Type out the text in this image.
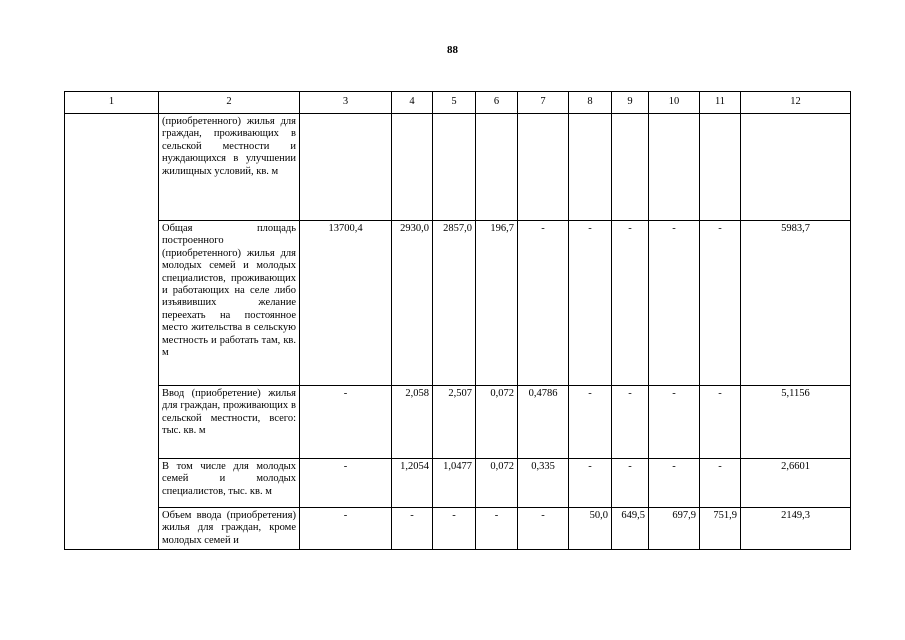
88
1	2	3	4	5	6	7	8	9	10	11	12
	(приобретенного) жилья для граждан, проживающих в сельской местности и нуждающихся в улучшении жилищных условий, кв. м										
	Общая площадь построенного (приобретенного) жилья для молодых семей и молодых специалистов, проживающих и работающих на селе либо изъявивших желание переехать на постоянное место жительства в сельскую местность и работать там, кв. м	13700,4	2930,0	2857,0	196,7	-	-	-	-	-	5983,7
	Ввод (приобретение) жилья для граждан, проживающих в сельской местности, всего: тыс. кв. м	-	2,058	2,507	0,072	0,4786	-	-	-	-	5,1156
	В том числе для молодых семей и молодых специалистов, тыс. кв. м	-	1,2054	1,0477	0,072	0,335	-	-	-	-	2,6601
	Объем ввода (приобретения) жилья для граждан, кроме молодых семей и	-	-	-	-	-	50,0	649,5	697,9	751,9	2149,3
